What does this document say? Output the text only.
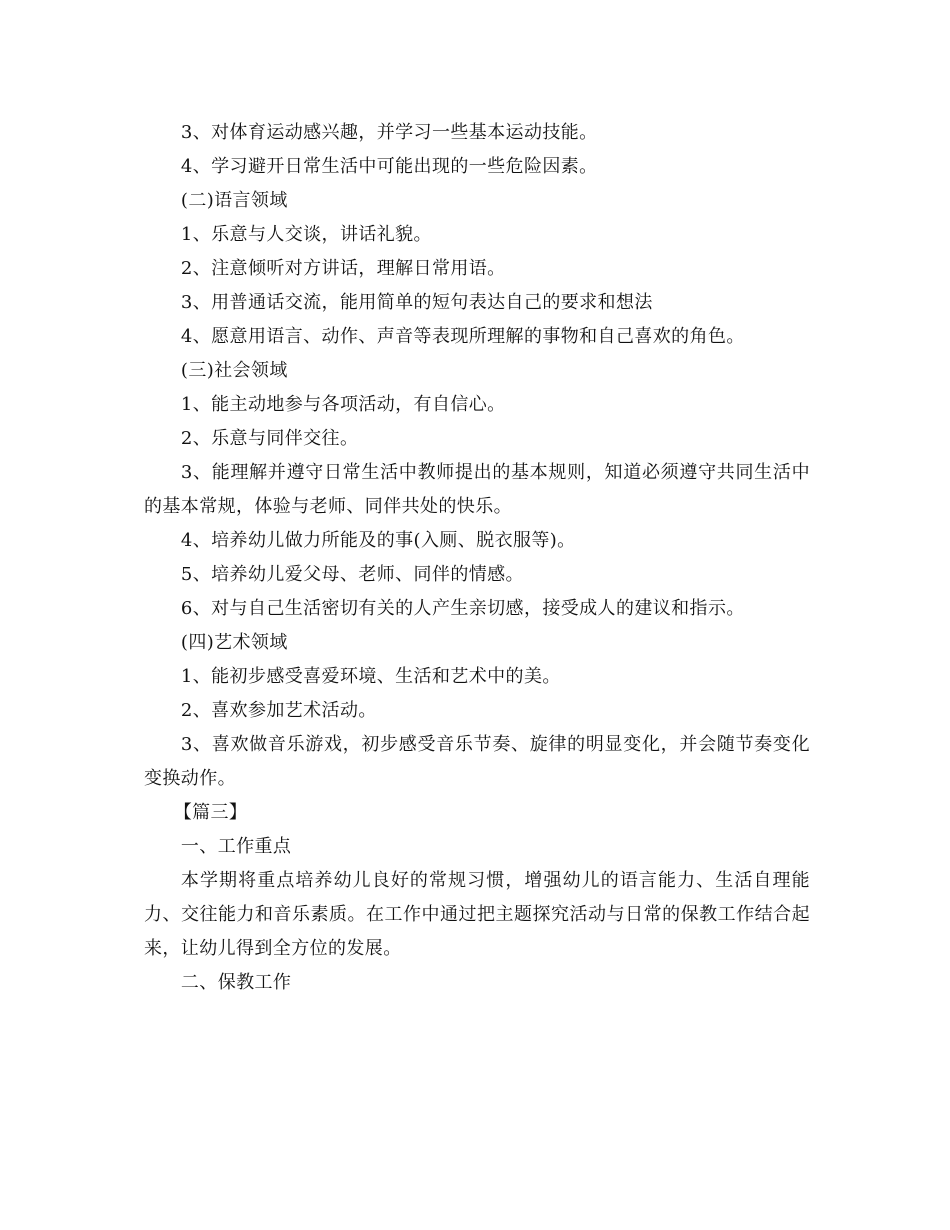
3、对体育运动感兴趣，并学习一些基本运动技能。

4、学习避开日常生活中可能出现的一些危险因素。

(二)语言领域

1、乐意与人交谈，讲话礼貌。

2、注意倾听对方讲话，理解日常用语。

3、用普通话交流，能用简单的短句表达自己的要求和想法

4、愿意用语言、动作、声音等表现所理解的事物和自己喜欢的角色。

(三)社会领域

1、能主动地参与各项活动，有自信心。

2、乐意与同伴交往。

3、能理解并遵守日常生活中教师提出的基本规则，知道必须遵守共同生活中的基本常规，体验与老师、同伴共处的快乐。

4、培养幼儿做力所能及的事(入厕、脱衣服等)。

5、培养幼儿爱父母、老师、同伴的情感。

6、对与自己生活密切有关的人产生亲切感，接受成人的建议和指示。

(四)艺术领域

1、能初步感受喜爱环境、生活和艺术中的美。

2、喜欢参加艺术活动。

3、喜欢做音乐游戏，初步感受音乐节奏、旋律的明显变化，并会随节奏变化变换动作。

【篇三】

一、工作重点

本学期将重点培养幼儿良好的常规习惯，增强幼儿的语言能力、生活自理能力、交往能力和音乐素质。在工作中通过把主题探究活动与日常的保教工作结合起来，让幼儿得到全方位的发展。

二、保教工作
